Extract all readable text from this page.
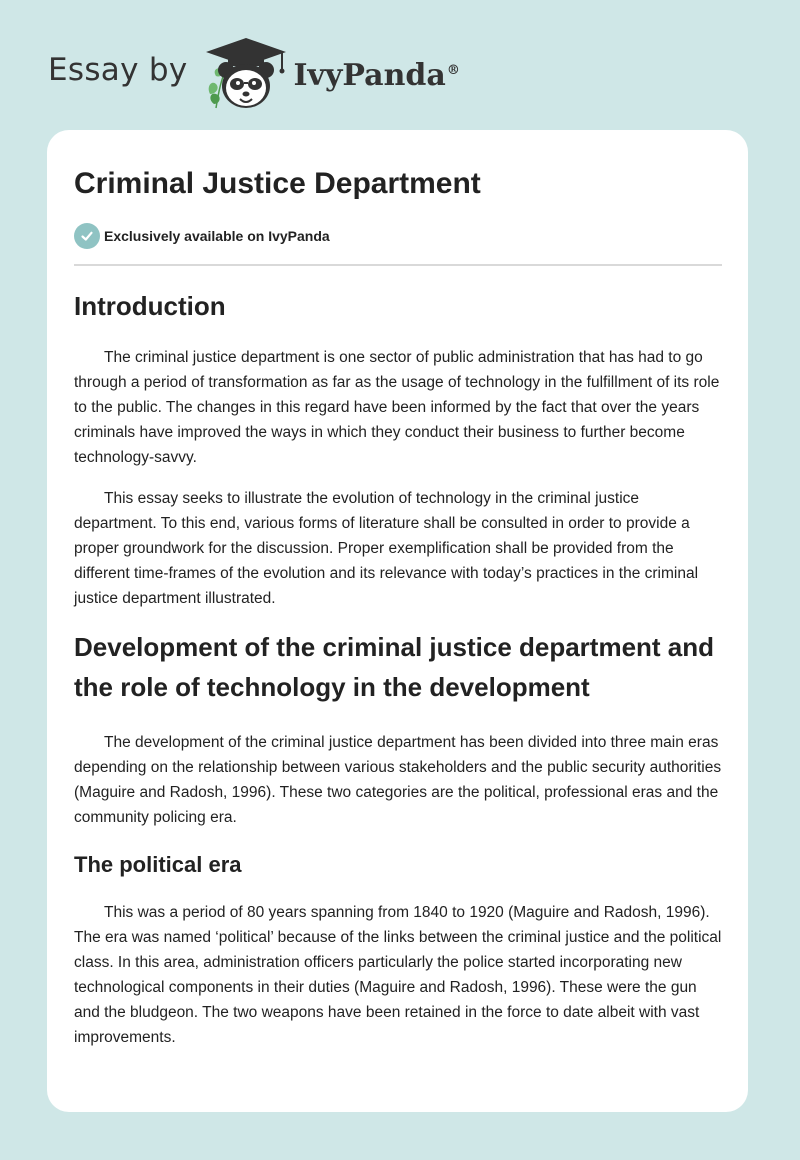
Essay by	IvyPanda®
Criminal Justice Department
Exclusively available on IvyPanda
Introduction

The criminal justice department is one sector of public administration that has had to go through a period of transformation as far as the usage of technology in the fulfillment of its role to the public. The changes in this regard have been informed by the fact that over the years criminals have improved the ways in which they conduct their business to further become technology-savvy.

This essay seeks to illustrate the evolution of technology in the criminal justice department. To this end, various forms of literature shall be consulted in order to provide a proper groundwork for the discussion. Proper exemplification shall be provided from the different time-frames of the evolution and its relevance with today’s practices in the criminal justice department illustrated.

Development of the criminal justice department and the role of technology in the development

The development of the criminal justice department has been divided into three main eras depending on the relationship between various stakeholders and the public security authorities (Maguire and Radosh, 1996). These two categories are the political, professional eras and the community policing era.

The political era

This was a period of 80 years spanning from 1840 to 1920 (Maguire and Radosh, 1996). The era was named ‘political’ because of the links between the criminal justice and the political class. In this area, administration officers particularly the police started incorporating new technological components in their duties (Maguire and Radosh, 1996). These were the gun and the bludgeon. The two weapons have been retained in the force to date albeit with vast improvements.
